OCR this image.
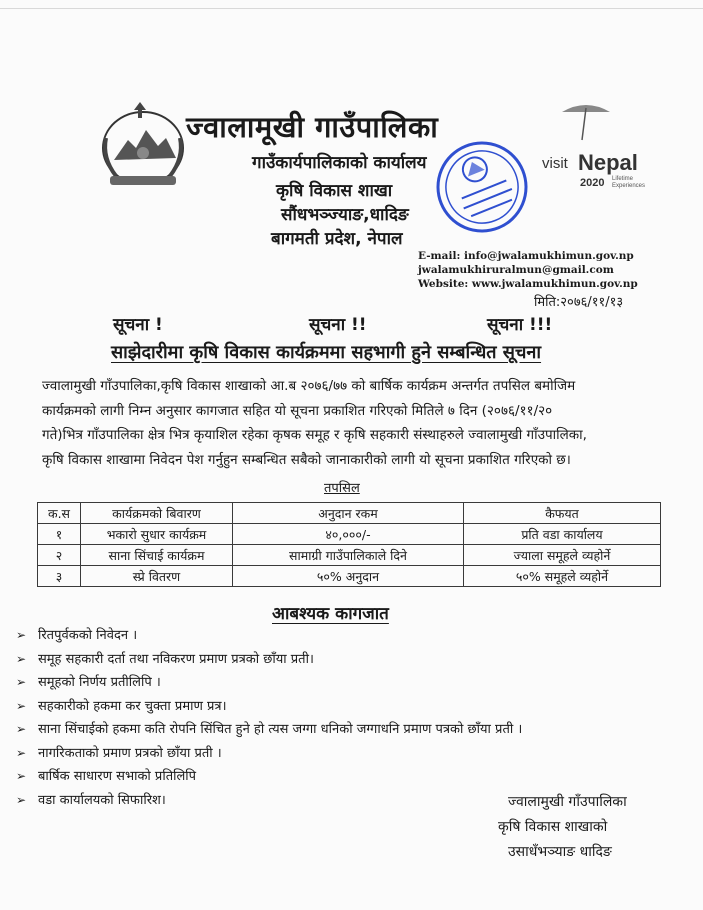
ज्वालामूखी गाउँपालिका
गाउँकार्यपालिकाको कार्यालय
कृषि विकास शाखा
सौंधभञ्ज्याङ,धादिङ
बागमती प्रदेश, नेपाल
visit Nepal
2020 Lifetime
Experiences
E-mail: info@jwalamukhimun.gov.np
jwalamukhiruralmun@gmail.com
Website: www.jwalamukhimun.gov.np
मिति:२०७६/११/१३
सूचना !	सूचना !!	सूचना !!!
साझेदारीमा कृषि विकास कार्यक्रममा सहभागी हुने सम्बन्धित सूचना
ज्वालामुखी गाँउपालिका,कृषि विकास शाखाको आ.ब २०७६/७७ को बार्षिक कार्यक्रम अन्तर्गत तपसिल बमोजिम
कार्यक्रमको लागी निम्न अनुसार कागजात सहित यो सूचना प्रकाशित गरिएको मितिले ७ दिन (२०७६/११/२०
गते)भित्र गाँउपालिका क्षेत्र भित्र कृयाशिल रहेका कृषक समूह र कृषि सहकारी संस्थाहरुले ज्वालामुखी गाँउपालिका,
कृषि विकास शाखामा निवेदन पेश गर्नुहुन सम्बन्धित सबैको जानाकारीको लागी यो सूचना प्रकाशित गरिएको छ।
तपसिल
क.स	कार्यक्रमको बिवारण	अनुदान रकम	कैफयत
१	भकारो सुधार कार्यक्रम	४०,०००/-	प्रति वडा कार्यालय
२	साना सिंचाई कार्यक्रम	सामाग्री गाउँपालिकाले दिने	ज्याला समूहले व्यहोर्ने
३	स्प्रे वितरण	५०% अनुदान	५०% समूहले व्यहोर्ने
आबश्यक कागजात
➢ रितपुर्वकको निवेदन ।
➢ समूह सहकारी दर्ता तथा नविकरण प्रमाण प्रत्रको छाँया प्रती।
➢ समूहको निर्णय प्रतीलिपि ।
➢ सहकारीको हकमा कर चुक्ता प्रमाण प्रत्र।
➢ साना सिंचाईको हकमा कति रोपनि सिंचित हुने हो त्यस जग्गा धनिको जग्गाधनि प्रमाण पत्रको छाँया प्रती ।
➢ नागरिकताको प्रमाण प्रत्रको छाँया प्रती ।
➢ बार्षिक साधारण सभाको प्रतिलिपि
➢ वडा कार्यालयको सिफारिश।	ज्वालामुखी गाँउपालिका
कृषि विकास शाखाको
उसाधँभञ्याङ धादिङ
